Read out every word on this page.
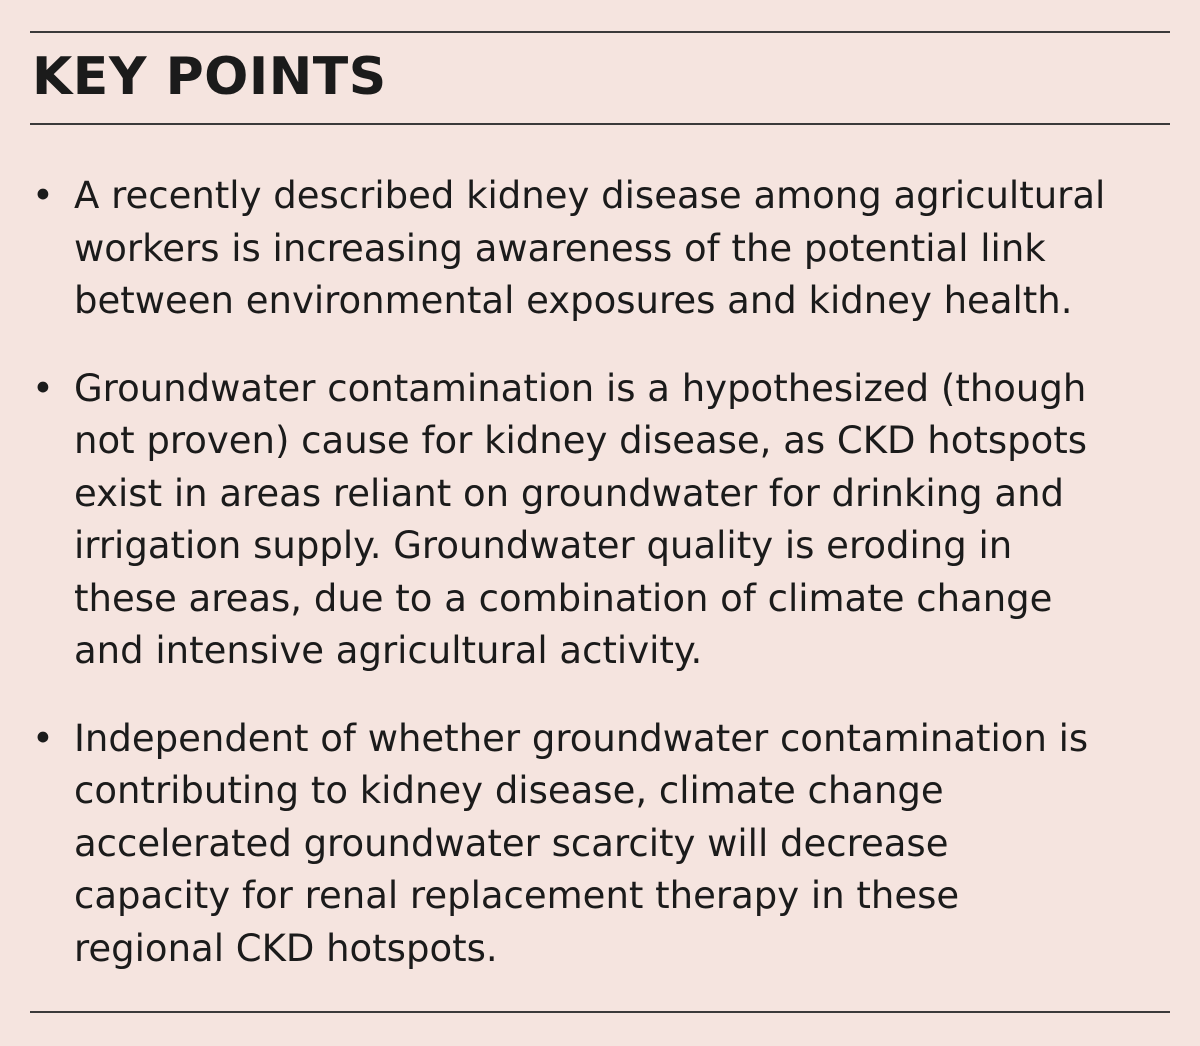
KEY POINTS
• A recently described kidney disease among agricultural
workers is increasing awareness of the potential link
between environmental exposures and kidney health.
• Groundwater contamination is a hypothesized (though
not proven) cause for kidney disease, as CKD hotspots
exist in areas reliant on groundwater for drinking and
irrigation supply. Groundwater quality is eroding in
these areas, due to a combination of climate change
and intensive agricultural activity.
• Independent of whether groundwater contamination is
contributing to kidney disease, climate change
accelerated groundwater scarcity will decrease
capacity for renal replacement therapy in these
regional CKD hotspots.
